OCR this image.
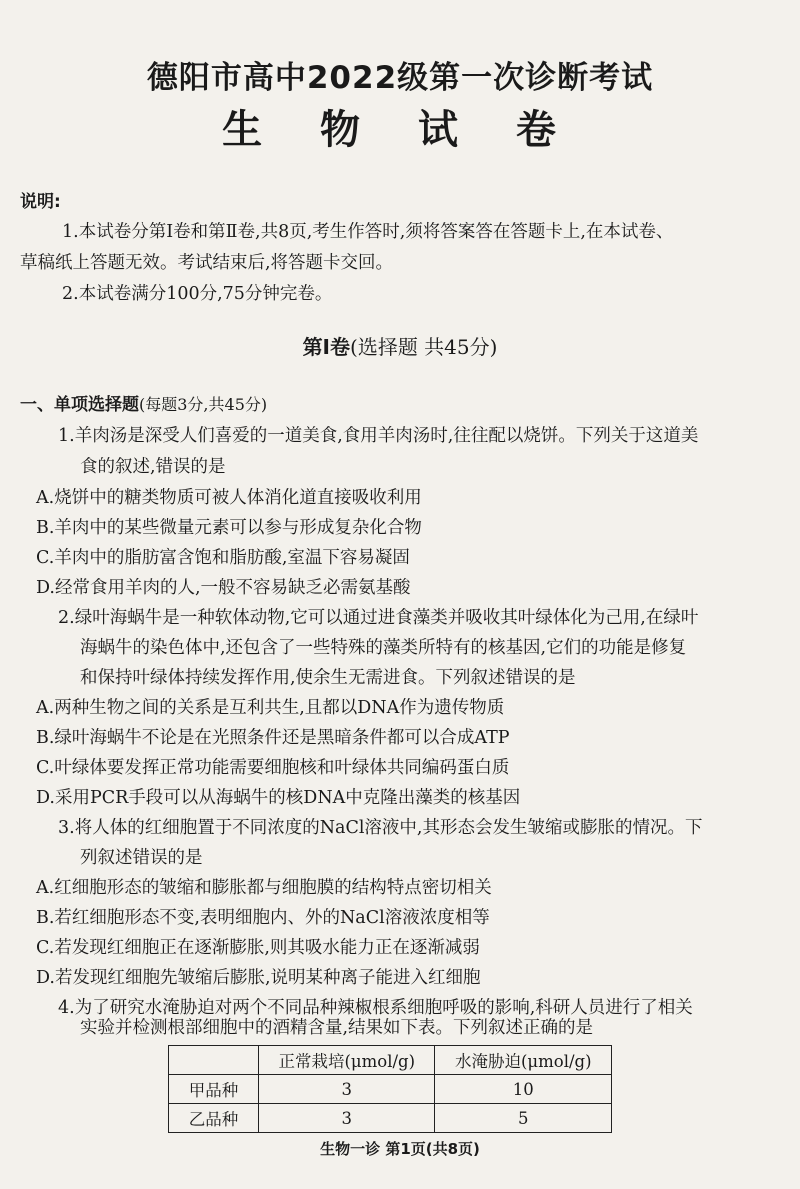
德阳市高中2022级第一次诊断考试
生 物 试 卷
说明:
1.本试卷分第Ⅰ卷和第Ⅱ卷,共8页,考生作答时,须将答案答在答题卡上,在本试卷、
草稿纸上答题无效。考试结束后,将答题卡交回。
2.本试卷满分100分,75分钟完卷。
第Ⅰ卷(选择题 共45分)
一、单项选择题(每题3分,共45分)
1.羊肉汤是深受人们喜爱的一道美食,食用羊肉汤时,往往配以烧饼。下列关于这道美
食的叙述,错误的是
A.烧饼中的糖类物质可被人体消化道直接吸收利用
B.羊肉中的某些微量元素可以参与形成复杂化合物
C.羊肉中的脂肪富含饱和脂肪酸,室温下容易凝固
D.经常食用羊肉的人,一般不容易缺乏必需氨基酸
2.绿叶海蜗牛是一种软体动物,它可以通过进食藻类并吸收其叶绿体化为己用,在绿叶
海蜗牛的染色体中,还包含了一些特殊的藻类所特有的核基因,它们的功能是修复
和保持叶绿体持续发挥作用,使余生无需进食。下列叙述错误的是
A.两种生物之间的关系是互利共生,且都以DNA作为遗传物质
B.绿叶海蜗牛不论是在光照条件还是黑暗条件都可以合成ATP
C.叶绿体要发挥正常功能需要细胞核和叶绿体共同编码蛋白质
D.采用PCR手段可以从海蜗牛的核DNA中克隆出藻类的核基因
3.将人体的红细胞置于不同浓度的NaCl溶液中,其形态会发生皱缩或膨胀的情况。下
列叙述错误的是
A.红细胞形态的皱缩和膨胀都与细胞膜的结构特点密切相关
B.若红细胞形态不变,表明细胞内、外的NaCl溶液浓度相等
C.若发现红细胞正在逐渐膨胀,则其吸水能力正在逐渐减弱
D.若发现红细胞先皱缩后膨胀,说明某种离子能进入红细胞
4.为了研究水淹胁迫对两个不同品种辣椒根系细胞呼吸的影响,科研人员进行了相关
实验并检测根部细胞中的酒精含量,结果如下表。下列叙述正确的是
	正常栽培(μmol/g)	水淹胁迫(μmol/g)
甲品种	3	10
乙品种	3	5
生物一诊 第1页(共8页)
